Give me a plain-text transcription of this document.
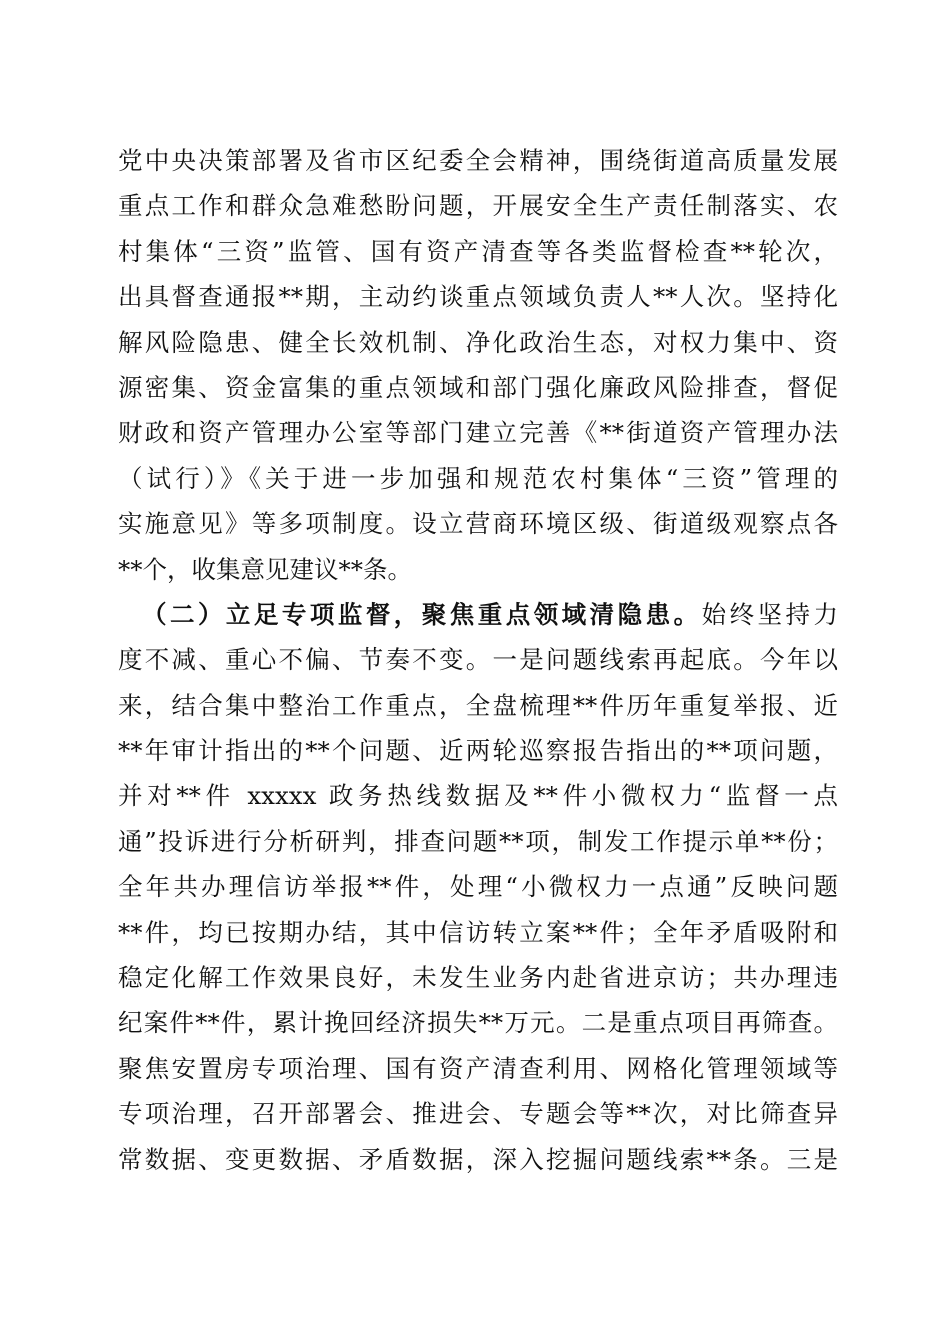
党中央决策部署及省市区纪委全会精神，围绕街道高质量发展
重点工作和群众急难愁盼问题，开展安全生产责任制落实、农
村集体“三资”监管、国有资产清查等各类监督检查**轮次，
出具督查通报**期，主动约谈重点领域负责人**人次。坚持化
解风险隐患、健全长效机制、净化政治生态，对权力集中、资
源密集、资金富集的重点领域和部门强化廉政风险排查，督促
财政和资产管理办公室等部门建立完善《**街道资产管理办法
（试行）》《关于进一步加强和规范农村集体“三资”管理的
实施意见》等多项制度。设立营商环境区级、街道级观察点各
**个，收集意见建议**条。
（二）立足专项监督，聚焦重点领域清隐患。始终坚持力
度不减、重心不偏、节奏不变。一是问题线索再起底。今年以
来，结合集中整治工作重点，全盘梳理**件历年重复举报、近
**年审计指出的**个问题、近两轮巡察报告指出的**项问题，
并对**件 xxxxx 政务热线数据及**件小微权力“监督一点
通”投诉进行分析研判，排查问题**项，制发工作提示单**份；
全年共办理信访举报**件，处理“小微权力一点通”反映问题
**件，均已按期办结，其中信访转立案**件；全年矛盾吸附和
稳定化解工作效果良好，未发生业务内赴省进京访；共办理违
纪案件**件，累计挽回经济损失**万元。二是重点项目再筛查。
聚焦安置房专项治理、国有资产清查利用、网格化管理领域等
专项治理，召开部署会、推进会、专题会等**次，对比筛查异
常数据、变更数据、矛盾数据，深入挖掘问题线索**条。三是
